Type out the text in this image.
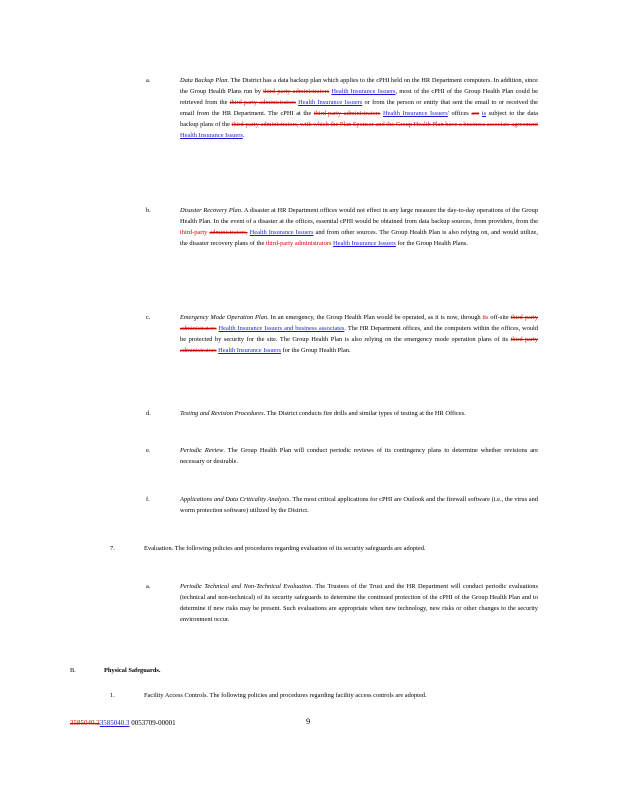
a.	Data Backup Plan. The District has a data backup plan which applies to the cPHI held on the HR Department computers. In addition, since the Group Health Plans run by third-party administrators Health Insurance Issuers, most of the cPHI of the Group Health Plan could be retrieved from the third-party administrators Health Insurance Issuers or from the person or entity that sent the email to or received the email from the HR Department. The cPHI at the third-party administrators Health Insurance Issuers' offices are is subject to the data backup plans of the third-party administrators, with which the Plan Sponsor and the Group Health Plan have a business associate agreement Health Insurance Issuers.
b.	Disaster Recovery Plan. A disaster at HR Department offices would not effect in any large measure the day-to-day operations of the Group Health Plan. In the event of a disaster at the offices, essential cPHI would be obtained from data backup sources, from providers, from the third-party administrators, Health Insurance Issuers and from other sources. The Group Health Plan is also relying on, and would utilize, the disaster recovery plans of the third-party administrators Health Insurance Issuers for the Group Health Plans.
c.	Emergency Mode Operation Plan. In an emergency, the Group Health Plan would be operated, as it is now, through its off-site third-party administrators Health Insurance Issuers and business associates. The HR Department offices, and the computers within the offices, would be protected by security for the site. The Group Health Plan is also relying on the emergency mode operation plans of its third-party administrators Health Insurance Issuers for the Group Health Plan.
d.	Testing and Revision Procedures. The District conducts fire drills and similar types of testing at the HR Offices.
e.	Periodic Review. The Group Health Plan will conduct periodic reviews of its contingency plans to determine whether revisions are necessary or desirable.
f.	Applications and Data Criticality Analysis. The most critical applications for cPHI are Outlook and the firewall software (i.e., the virus and worm protection software) utilized by the District.
7.	Evaluation. The following policies and procedures regarding evaluation of its security safeguards are adopted.
a.	Periodic Technical and Non-Technical Evaluation. The Trustees of the Trust and the HR Department will conduct periodic evaluations (technical and non-technical) of its security safeguards to determine the continued protection of the cPHI of the Group Health Plan and to determine if new risks may be present. Such evaluations are appropriate when new technology, new risks or other changes to the security environment occur.
B.	Physical Safeguards.
1.	Facility Access Controls. The following policies and procedures regarding facility access controls are adopted.
3585040.23585040.3 0053709-00001	9
